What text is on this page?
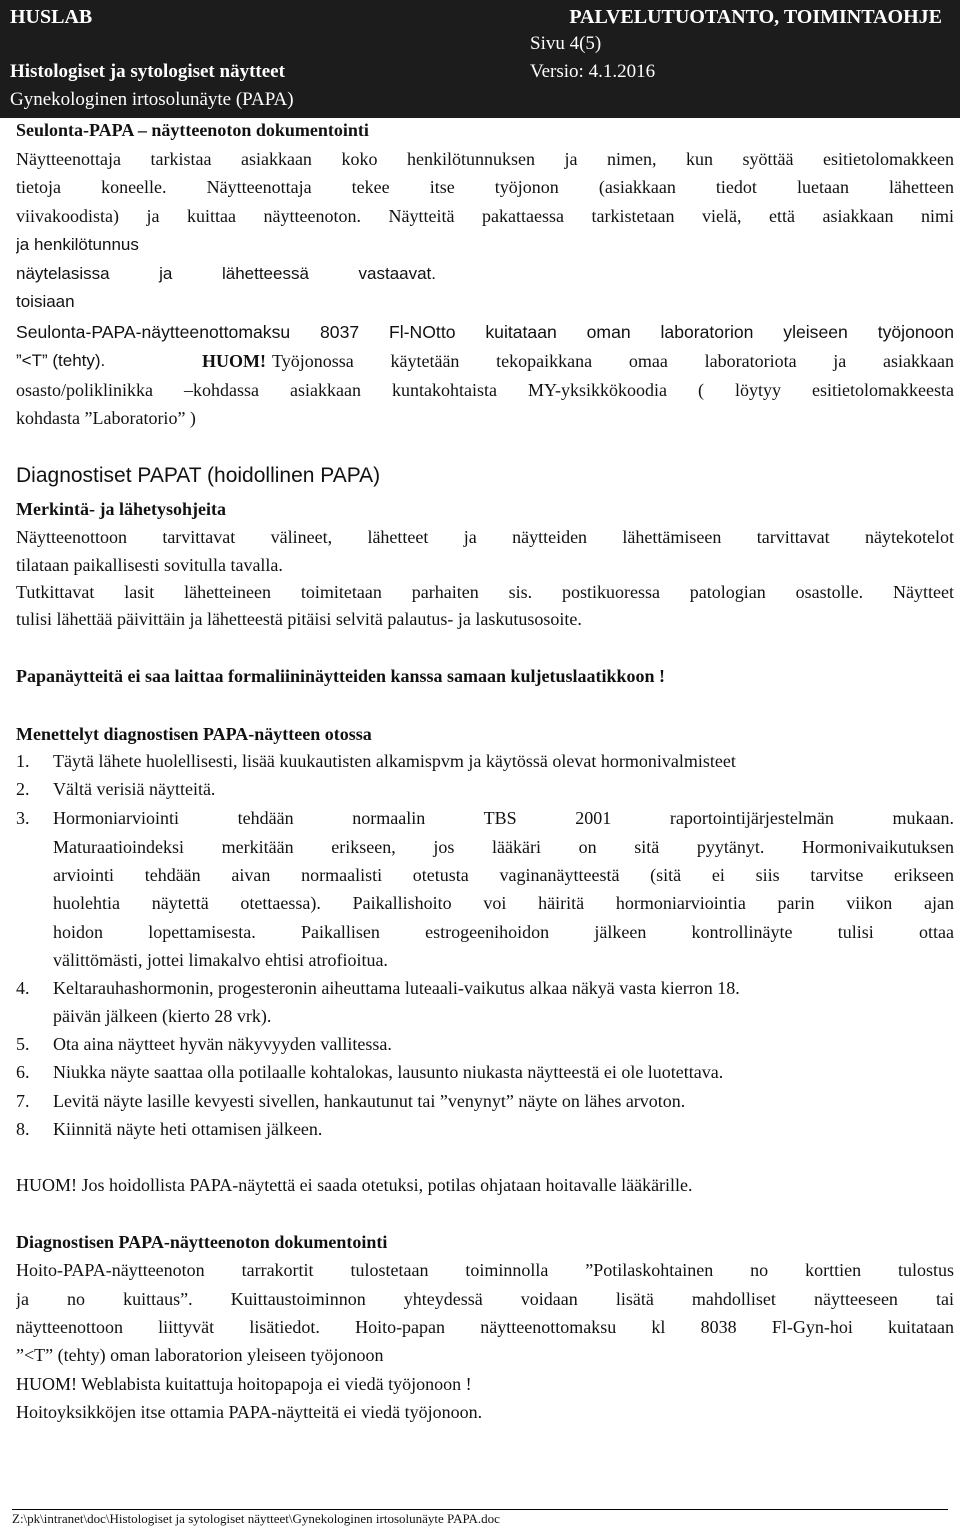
HUSLAB	PALVELUTUOTANTO, TOIMINTAOHJE
Sivu 4(5)
Histologiset ja sytologiset näytteet	Versio: 4.1.2016
Gynekologinen irtosolunäyte (PAPA)
Seulonta-PAPA – näytteenoton dokumentointi
Näytteenottaja tarkistaa asiakkaan koko henkilötunnuksen ja nimen, kun syöttää esitietolomakkeen
tietoja koneelle. Näytteenottaja tekee itse työjonon (asiakkaan tiedot luetaan lähetteen
viivakoodista) ja kuittaa näytteenoton. Näytteitä pakattaessa tarkistetaan vielä, että asiakkaan nimi
ja henkilötunnus
näytelasissa ja lähetteessä vastaavat.
toisiaan
Seulonta-PAPA-näytteenottomaksu 8037 Fl-NOtto kuitataan oman laboratorion yleiseen työjonoon
”<T” (tehty).	HUOM! Työjonossa käytetään tekopaikkana omaa laboratoriota ja asiakkaan
osasto/poliklinikka –kohdassa asiakkaan kuntakohtaista MY-yksikkökoodia ( löytyy esitietolomakkeesta
kohdasta ”Laboratorio” )
Diagnostiset PAPAT (hoidollinen PAPA)
Merkintä- ja lähetysohjeita
Näytteenottoon tarvittavat välineet, lähetteet ja näytteiden lähettämiseen tarvittavat näytekotelot
tilataan paikallisesti sovitulla tavalla.
Tutkittavat lasit lähetteineen toimitetaan parhaiten sis. postikuoressa patologian osastolle. Näytteet
tulisi lähettää päivittäin ja lähetteestä pitäisi selvitä palautus- ja laskutusosoite.
Papanäytteitä ei saa laittaa formaliininäytteiden kanssa samaan kuljetuslaatikkoon !
Menettelyt diagnostisen PAPA-näytteen otossa
1.	Täytä lähete huolellisesti, lisää kuukautisten alkamispvm ja käytössä olevat hormonivalmisteet
2.	Vältä verisiä näytteitä.
3.	Hormoniarviointi tehdään normaalin TBS 2001 raportointijärjestelmän mukaan.
Maturaatioindeksi merkitään erikseen, jos lääkäri on sitä pyytänyt. Hormonivaikutuksen
arviointi tehdään aivan normaalisti otetusta vaginanäytteestä (sitä ei siis tarvitse erikseen
huolehtia näytettä otettaessa). Paikallishoito voi häiritä hormoniarviointia parin viikon ajan
hoidon lopettamisesta. Paikallisen estrogeenihoidon jälkeen kontrollinäyte tulisi ottaa
välittömästi, jottei limakalvo ehtisi atrofioitua.
4.	Keltarauhashormonin, progesteronin aiheuttama luteaali-vaikutus alkaa näkyä vasta kierron 18.
päivän jälkeen (kierto 28 vrk).
5.	Ota aina näytteet hyvän näkyvyyden vallitessa.
6.	Niukka näyte saattaa olla potilaalle kohtalokas, lausunto niukasta näytteestä ei ole luotettava.
7.	Levitä näyte lasille kevyesti sivellen, hankautunut tai ”venynyt” näyte on lähes arvoton.
8.	Kiinnitä näyte heti ottamisen jälkeen.
HUOM! Jos hoidollista PAPA-näytettä ei saada otetuksi, potilas ohjataan hoitavalle lääkärille.
Diagnostisen PAPA-näytteenoton dokumentointi
Hoito-PAPA-näytteenoton tarrakortit tulostetaan toiminnolla ”Potilaskohtainen no korttien tulostus
ja no kuittaus”. Kuittaustoiminnon yhteydessä voidaan lisätä mahdolliset näytteeseen tai
näytteenottoon liittyvät lisätiedot. Hoito-papan näytteenottomaksu kl 8038 Fl-Gyn-hoi kuitataan
”<T” (tehty) oman laboratorion yleiseen työjonoon
HUOM! Weblabista kuitattuja hoitopapoja ei viedä työjonoon !
Hoitoyksikköjen itse ottamia PAPA-näytteitä ei viedä työjonoon.
Z:\pk\intranet\doc\Histologiset ja sytologiset näytteet\Gynekologinen irtosolunäyte PAPA.doc
